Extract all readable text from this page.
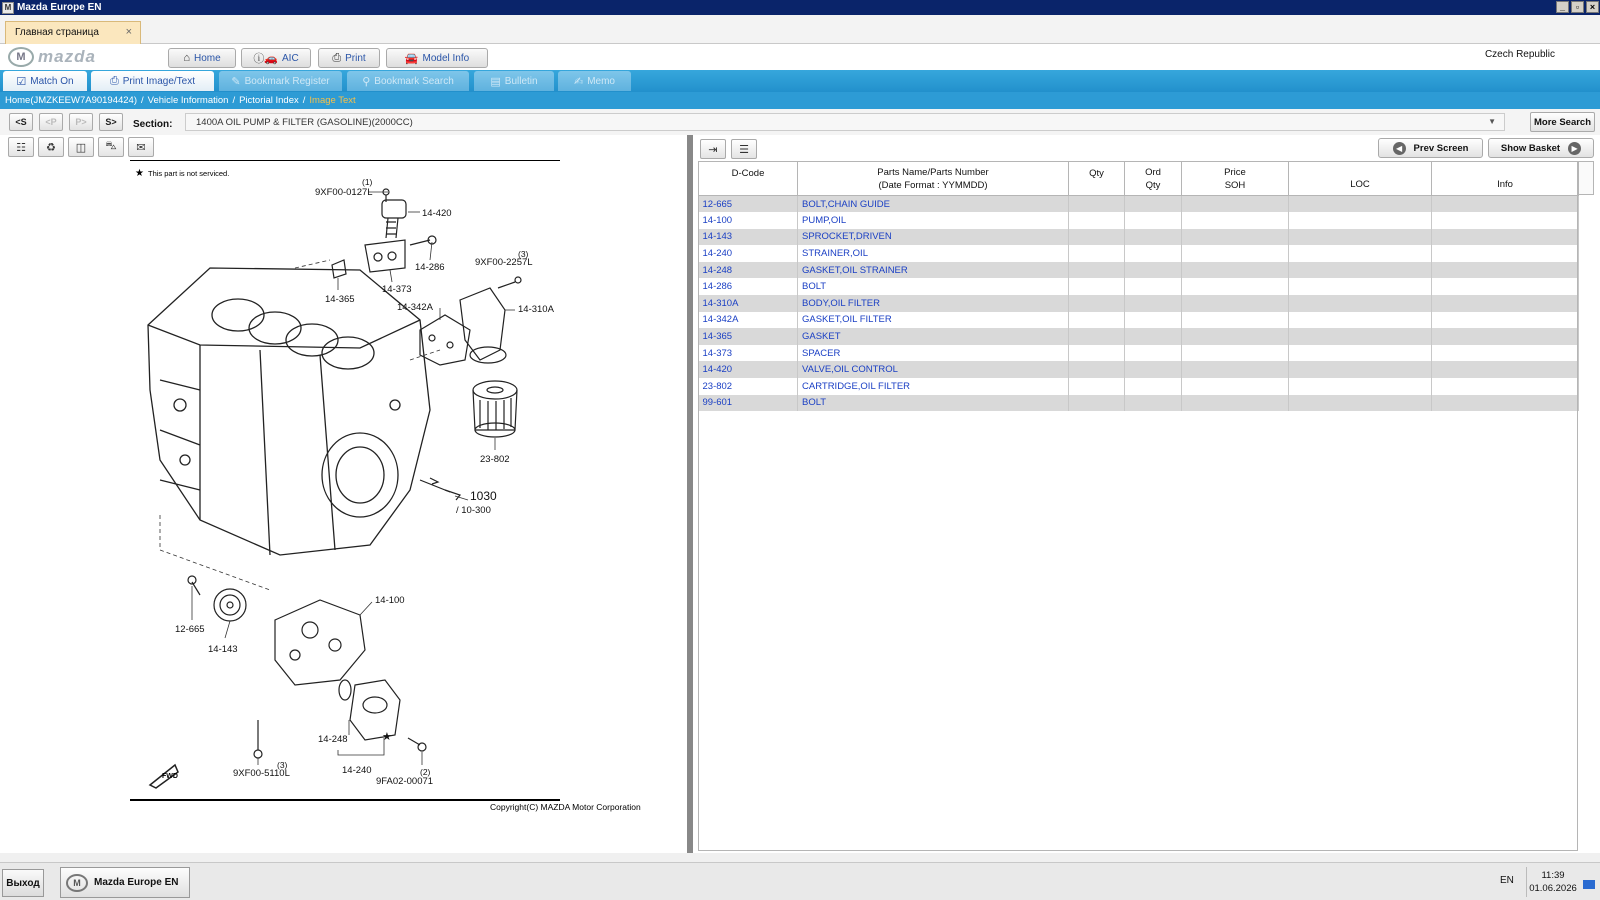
M Mazda Europe EN	_	▫	×
Главная страница ×
M mazda	⌂ Home	ⓘ🚗 AIC	⎙ Print	🚘 Model Info	Czech Republic
☑ Match On	⎙ Print Image/Text	✎ Bookmark Register	⚲ Bookmark Search	▤ Bulletin	✍ Memo
Home(JMZKEEW7A90194424) / Vehicle Information / Pictorial Index / Image Text
<S	<P	P>	S>	Section:	1400A OIL PUMP & FILTER (GASOLINE)(2000CC)	▼	More Search
☷	♻	◫	⛍	✉
★ This part is not serviced.
9XF00-0127L
(1)
14-420
14-286	9XF00-2257L
(3)
14-365
14-373
14-342A	14-310A
23-802
1030
/ 10-300
14-100
12-665
14-143
14-248	★
14-240
9XF00-5110L
(3)
9FA02-00071
(2)
FWD
Copyright(C) MAZDA Motor Corporation
⇥	☰	◀	Prev Screen	Show Basket	▶
D-Code	Parts Name/Parts Number
(Date Format : YYMMDD)	Qty	Ord
Qty	Price
SOH	LOC	Info
12-665	BOLT,CHAIN GUIDE					
14-100	PUMP,OIL					
14-143	SPROCKET,DRIVEN					
14-240	STRAINER,OIL					
14-248	GASKET,OIL STRAINER					
14-286	BOLT					
14-310A	BODY,OIL FILTER					
14-342A	GASKET,OIL FILTER					
14-365	GASKET					
14-373	SPACER					
14-420	VALVE,OIL CONTROL					
23-802	CARTRIDGE,OIL FILTER					
99-601	BOLT					
Выход	M	Mazda Europe EN	EN	11:39
01.06.2026
